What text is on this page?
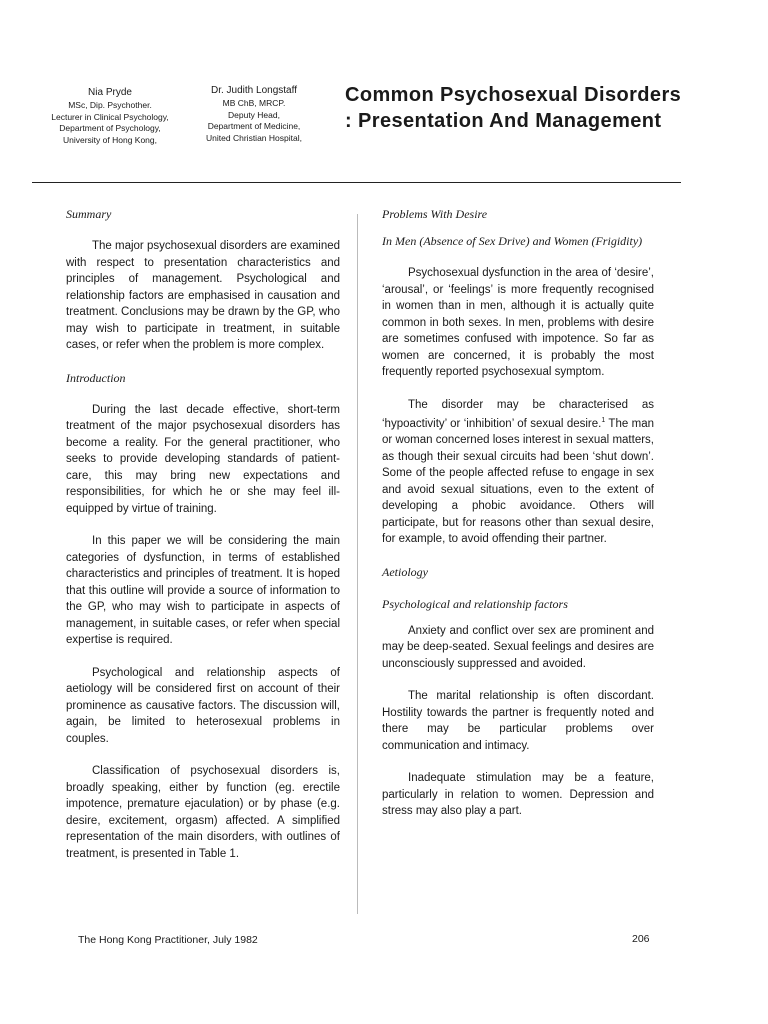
Nia Pryde
MSc, Dip. Psychother.
Lecturer in Clinical Psychology,
Department of Psychology,
University of Hong Kong,
Dr. Judith Longstaff
MB ChB, MRCP.
Deputy Head,
Department of Medicine,
United Christian Hospital,
Common Psychosexual Disorders : Presentation And Management
Summary

The major psychosexual disorders are examined with respect to presentation characteristics and principles of management. Psychological and relationship factors are emphasised in causation and treatment. Conclusions may be drawn by the GP, who may wish to participate in treatment, in suitable cases, or refer when the problem is more complex.

Introduction

During the last decade effective, short-term treatment of the major psychosexual disorders has become a reality. For the general practitioner, who seeks to provide developing standards of patient-care, this may bring new expectations and responsibilities, for which he or she may feel ill-equipped by virtue of training.

In this paper we will be considering the main categories of dysfunction, in terms of established characteristics and principles of treatment. It is hoped that this outline will provide a source of information to the GP, who may wish to participate in aspects of management, in suitable cases, or refer when special expertise is required.

Psychological and relationship aspects of aetiology will be considered first on account of their prominence as causative factors. The discussion will, again, be limited to heterosexual problems in couples.

Classification of psychosexual disorders is, broadly speaking, either by function (eg. erectile impotence, premature ejaculation) or by phase (e.g. desire, excitement, orgasm) affected. A simplified representation of the main disorders, with outlines of treatment, is presented in Table 1.

Problems With Desire
In Men (Absence of Sex Drive) and Women (Frigidity)

Psychosexual dysfunction in the area of ‘desire’, ‘arousal’, or ‘feelings’ is more frequently recognised in women than in men, although it is actually quite common in both sexes. In men, problems with desire are sometimes confused with impotence. So far as women are concerned, it is probably the most frequently reported psychosexual symptom.

The disorder may be characterised as ‘hypoactivity’ or ‘inhibition’ of sexual desire.$^1$ The man or woman concerned loses interest in sexual matters, as though their sexual circuits had been ‘shut down’. Some of the people affected refuse to engage in sex and avoid sexual situations, even to the extent of developing a phobic avoidance. Others will participate, but for reasons other than sexual desire, for example, to avoid offending their partner.

Aetiology
Psychological and relationship factors

Anxiety and conflict over sex are prominent and may be deep-seated. Sexual feelings and desires are unconsciously suppressed and avoided.

The marital relationship is often discordant. Hostility towards the partner is frequently noted and there may be particular problems over communication and intimacy.

Inadequate stimulation may be a feature, particularly in relation to women. Depression and stress may also play a part.

The Hong Kong Practitioner, July 1982	206
